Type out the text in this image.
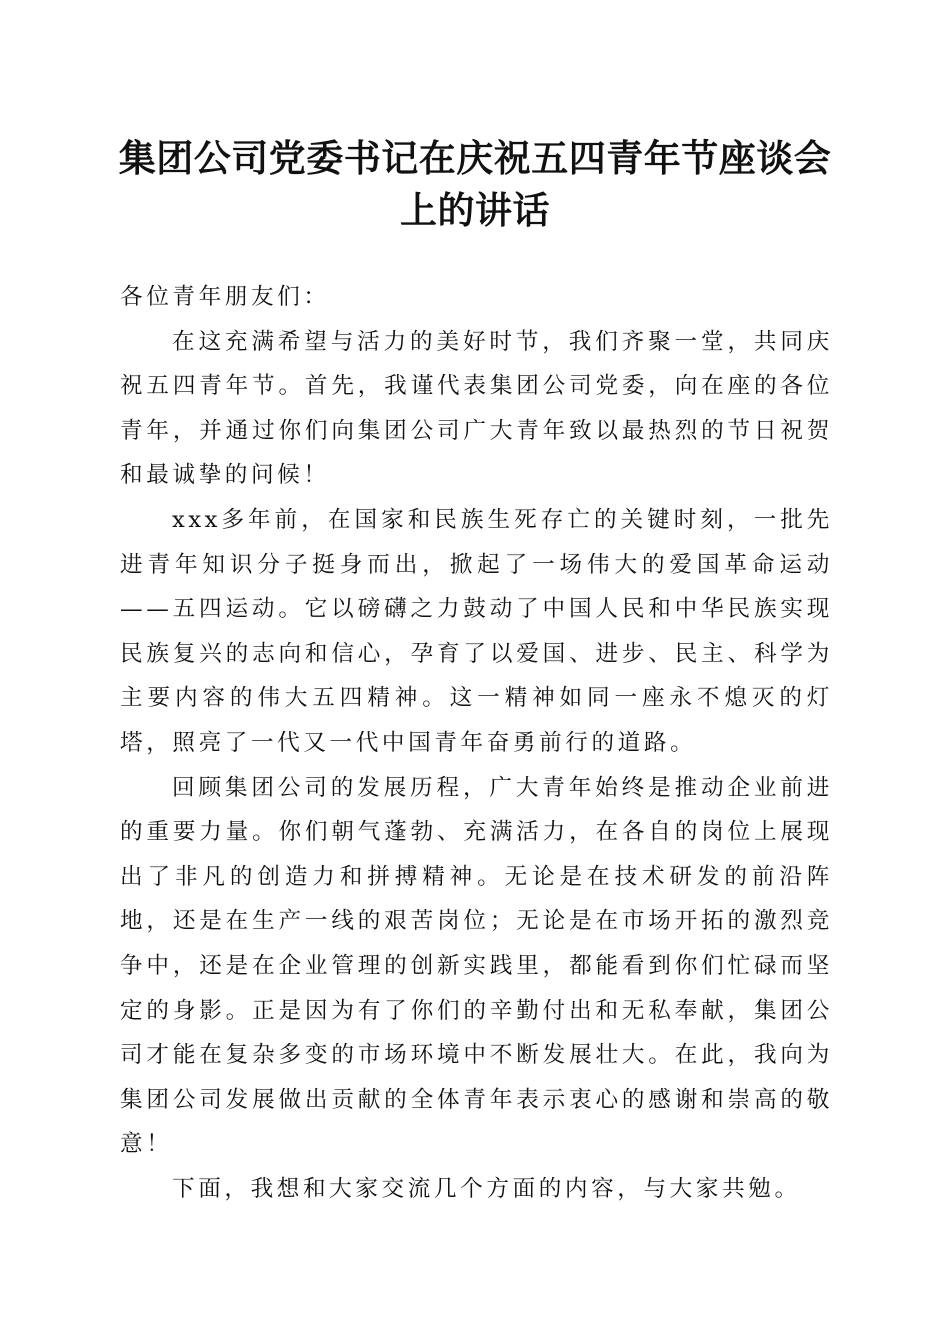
集团公司党委书记在庆祝五四青年节座谈会上的讲话

各位青年朋友们：

在这充满希望与活力的美好时节，我们齐聚一堂，共同庆祝五四青年节。首先，我谨代表集团公司党委，向在座的各位青年，并通过你们向集团公司广大青年致以最热烈的节日祝贺和最诚挚的问候！

xxx多年前，在国家和民族生死存亡的关键时刻，一批先进青年知识分子挺身而出，掀起了一场伟大的爱国革命运动——五四运动。它以磅礴之力鼓动了中国人民和中华民族实现民族复兴的志向和信心，孕育了以爱国、进步、民主、科学为主要内容的伟大五四精神。这一精神如同一座永不熄灭的灯塔，照亮了一代又一代中国青年奋勇前行的道路。

回顾集团公司的发展历程，广大青年始终是推动企业前进的重要力量。你们朝气蓬勃、充满活力，在各自的岗位上展现出了非凡的创造力和拼搏精神。无论是在技术研发的前沿阵地，还是在生产一线的艰苦岗位；无论是在市场开拓的激烈竞争中，还是在企业管理的创新实践里，都能看到你们忙碌而坚定的身影。正是因为有了你们的辛勤付出和无私奉献，集团公司才能在复杂多变的市场环境中不断发展壮大。在此，我向为集团公司发展做出贡献的全体青年表示衷心的感谢和崇高的敬意！

下面，我想和大家交流几个方面的内容，与大家共勉。
